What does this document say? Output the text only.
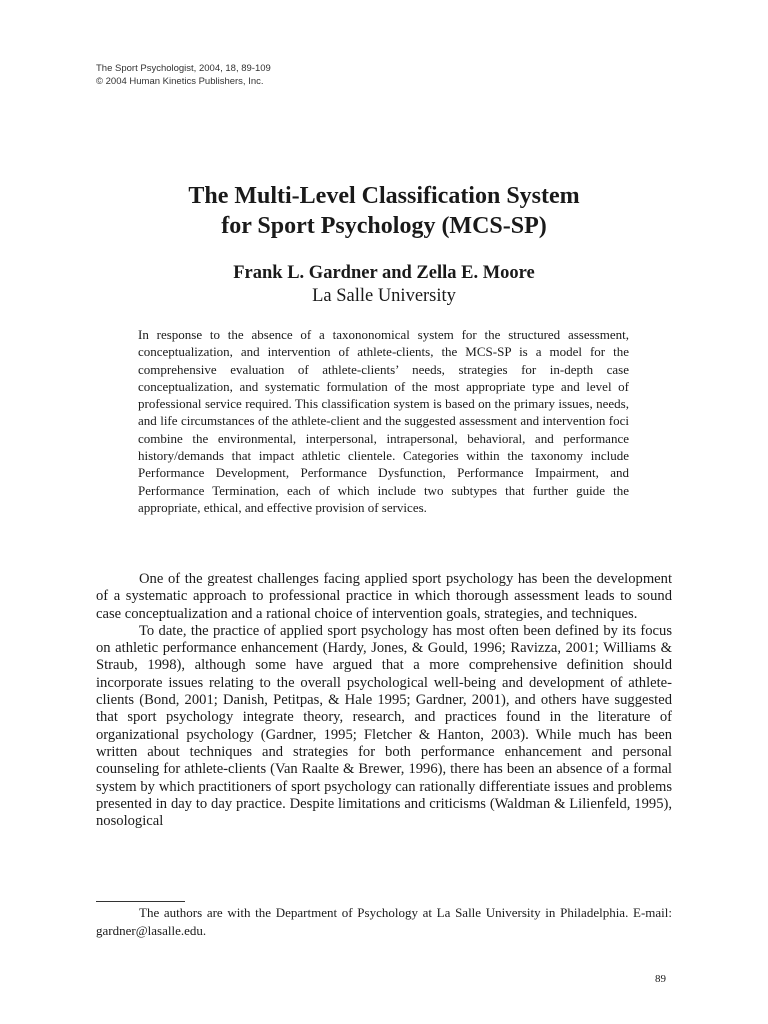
The Sport Psychologist, 2004, 18, 89-109
© 2004 Human Kinetics Publishers, Inc.
The Multi-Level Classification System
for Sport Psychology (MCS-SP)
Frank L. Gardner and Zella E. Moore
La Salle University

In response to the absence of a taxononomical system for the structured assessment, conceptualization, and intervention of athlete-clients, the MCS-SP is a model for the comprehensive evaluation of athlete-clients’ needs, strategies for in-depth case conceptualization, and systematic formulation of the most appropriate type and level of professional service required. This classification system is based on the primary issues, needs, and life circumstances of the athlete-client and the suggested assessment and intervention foci combine the environmental, interpersonal, intrapersonal, behavioral, and performance history/demands that impact athletic clientele. Categories within the taxonomy include Performance Development, Performance Dysfunction, Performance Impairment, and Performance Termination, each of which include two subtypes that further guide the appropriate, ethical, and effective provision of services.

One of the greatest challenges facing applied sport psychology has been the development of a systematic approach to professional practice in which thorough assessment leads to sound case conceptualization and a rational choice of intervention goals, strategies, and techniques.

To date, the practice of applied sport psychology has most often been defined by its focus on athletic performance enhancement (Hardy, Jones, & Gould, 1996; Ravizza, 2001; Williams & Straub, 1998), although some have argued that a more comprehensive definition should incorporate issues relating to the overall psychological well-being and development of athlete-clients (Bond, 2001; Danish, Petitpas, & Hale 1995; Gardner, 2001), and others have suggested that sport psychology integrate theory, research, and practices found in the literature of organizational psychology (Gardner, 1995; Fletcher & Hanton, 2003). While much has been written about techniques and strategies for both performance enhancement and personal counseling for athlete-clients (Van Raalte & Brewer, 1996), there has been an absence of a formal system by which practitioners of sport psychology can rationally differentiate issues and problems presented in day to day practice. Despite limitations and criticisms (Waldman & Lilienfeld, 1995), nosological

The authors are with the Department of Psychology at La Salle University in Philadelphia. E-mail: gardner@lasalle.edu.

89
